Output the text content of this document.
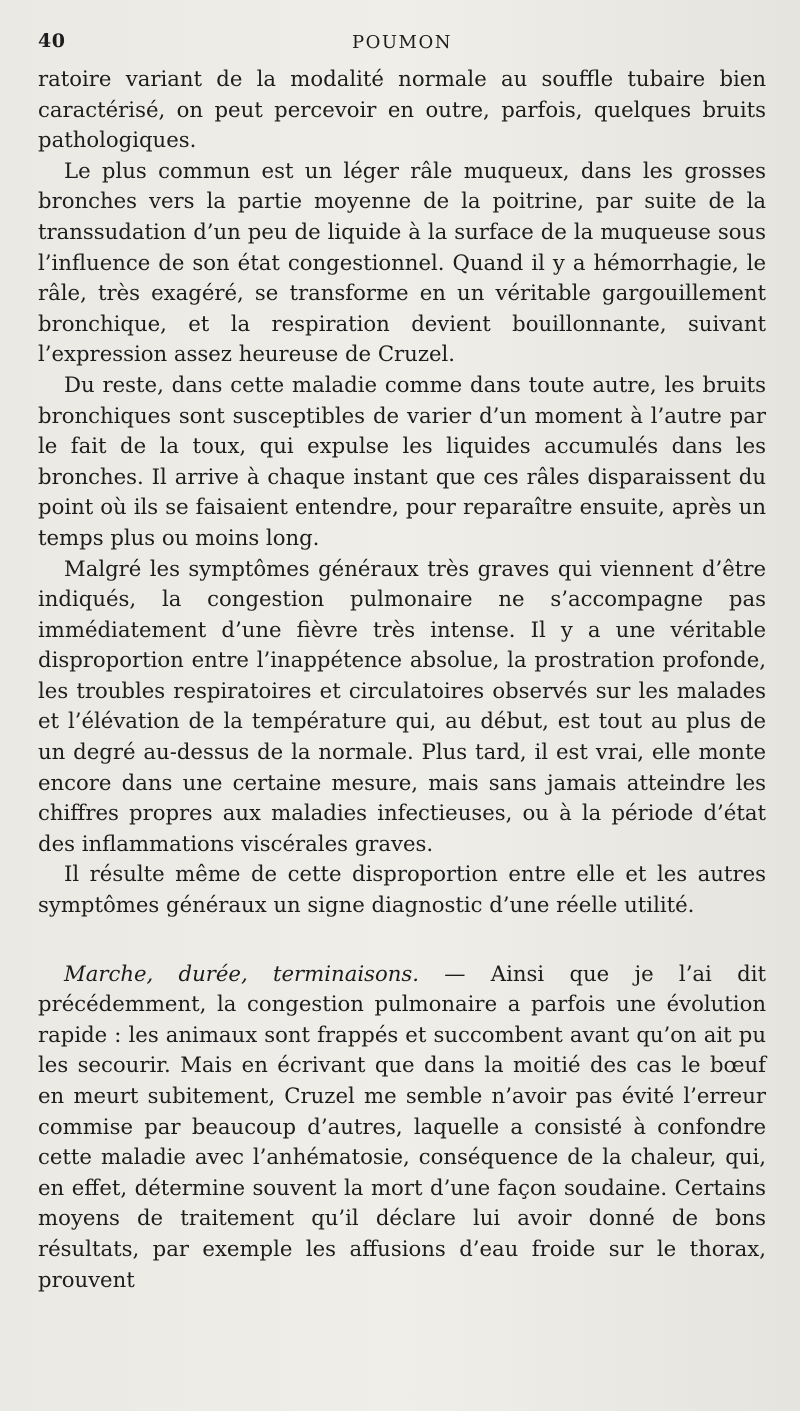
40	POUMON

ratoire variant de la modalité normale au souffle tubaire bien caractérisé, on peut percevoir en outre, parfois, quelques bruits pathologiques.

Le plus commun est un léger râle muqueux, dans les grosses bronches vers la partie moyenne de la poitrine, par suite de la transsudation d’un peu de liquide à la surface de la muqueuse sous l’influence de son état congestionnel. Quand il y a hémorrhagie, le râle, très exagéré, se transforme en un véritable gargouillement bronchique, et la respiration devient bouillonnante, suivant l’expression assez heureuse de Cruzel.

Du reste, dans cette maladie comme dans toute autre, les bruits bronchiques sont susceptibles de varier d’un moment à l’autre par le fait de la toux, qui expulse les liquides accumulés dans les bronches. Il arrive à chaque instant que ces râles disparaissent du point où ils se faisaient entendre, pour reparaître ensuite, après un temps plus ou moins long.

Malgré les symptômes généraux très graves qui viennent d’être indiqués, la congestion pulmonaire ne s’accompagne pas immédiatement d’une fièvre très intense. Il y a une véritable disproportion entre l’inappétence absolue, la prostration profonde, les troubles respiratoires et circulatoires observés sur les malades et l’élévation de la température qui, au début, est tout au plus de un degré au-dessus de la normale. Plus tard, il est vrai, elle monte encore dans une certaine mesure, mais sans jamais atteindre les chiffres propres aux maladies infectieuses, ou à la période d’état des inflammations viscérales graves.

Il résulte même de cette disproportion entre elle et les autres symptômes généraux un signe diagnostic d’une réelle utilité.

Marche, durée, terminaisons. — Ainsi que je l’ai dit précédemment, la congestion pulmonaire a parfois une évolution rapide : les animaux sont frappés et succombent avant qu’on ait pu les secourir. Mais en écrivant que dans la moitié des cas le bœuf en meurt subitement, Cruzel me semble n’avoir pas évité l’erreur commise par beaucoup d’autres, laquelle a consisté à confondre cette maladie avec l’anhématosie, conséquence de la chaleur, qui, en effet, détermine souvent la mort d’une façon soudaine. Certains moyens de traitement qu’il déclare lui avoir donné de bons résultats, par exemple les affusions d’eau froide sur le thorax, prouvent
